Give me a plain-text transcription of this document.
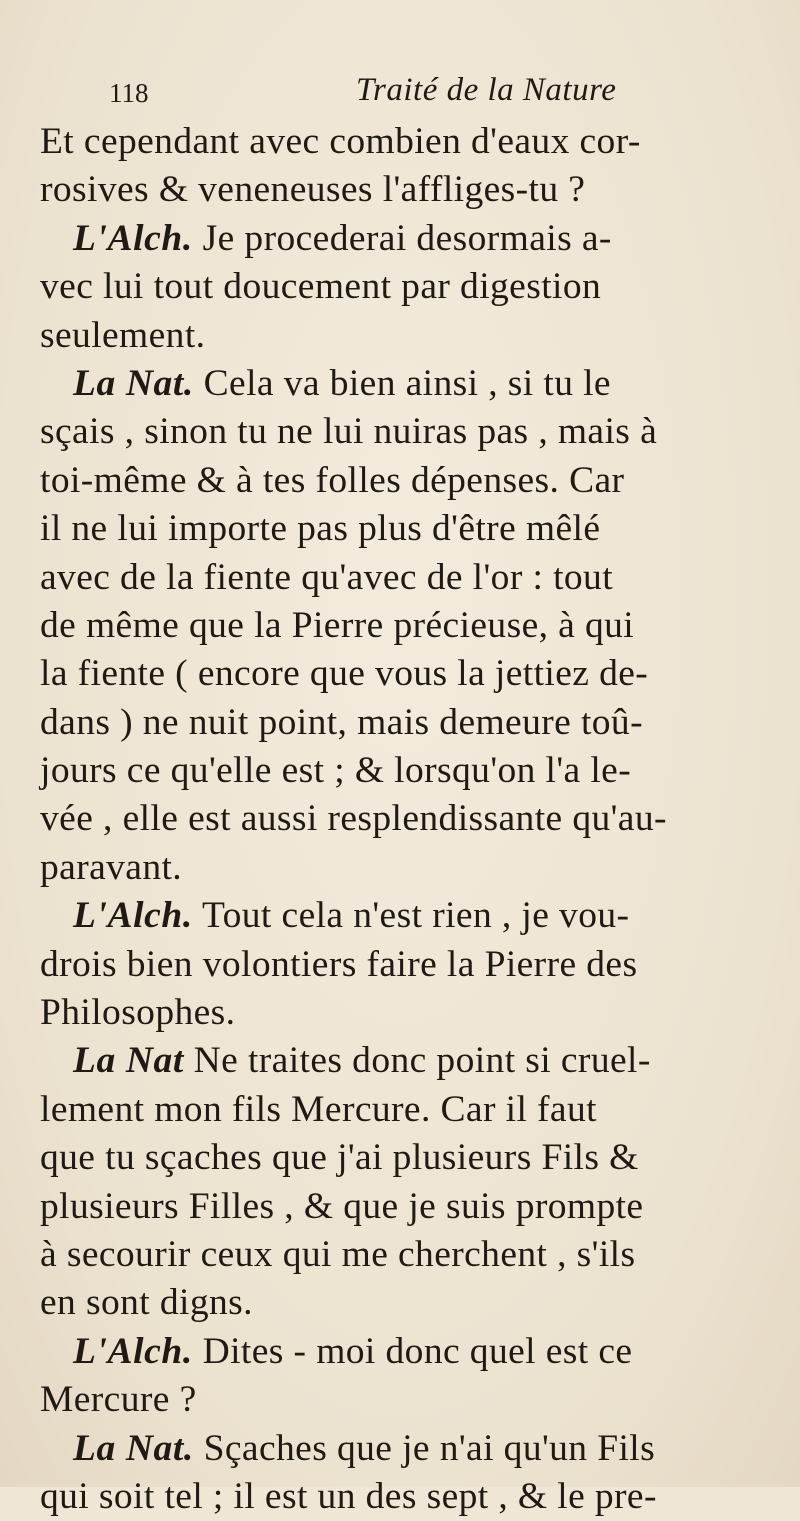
118	Traité de la Nature

Et cependant avec combien d'eaux cor-

rosives & veneneuses l'affliges-tu ?

L'Alch. Je procederai desormais a-

vec lui tout doucement par digestion

seulement.

La Nat. Cela va bien ainsi , si tu le

sçais , sinon tu ne lui nuiras pas , mais à

toi-même & à tes folles dépenses. Car

il ne lui importe pas plus d'être mêlé

avec de la fiente qu'avec de l'or : tout

de même que la Pierre précieuse, à qui

la fiente ( encore que vous la jettiez de-

dans ) ne nuit point, mais demeure toû-

jours ce qu'elle est ; & lorsqu'on l'a le-

vée , elle est aussi resplendissante qu'au-

paravant.

L'Alch. Tout cela n'est rien , je vou-

drois bien volontiers faire la Pierre des

Philosophes.

La Nat Ne traites donc point si cruel-

lement mon fils Mercure. Car il faut

que tu sçaches que j'ai plusieurs Fils &

plusieurs Filles , & que je suis prompte

à secourir ceux qui me cherchent , s'ils

en sont digns.

L'Alch. Dites - moi donc quel est ce

Mercure ?

La Nat. Sçaches que je n'ai qu'un Fils

qui soit tel ; il est un des sept , & le pre-
